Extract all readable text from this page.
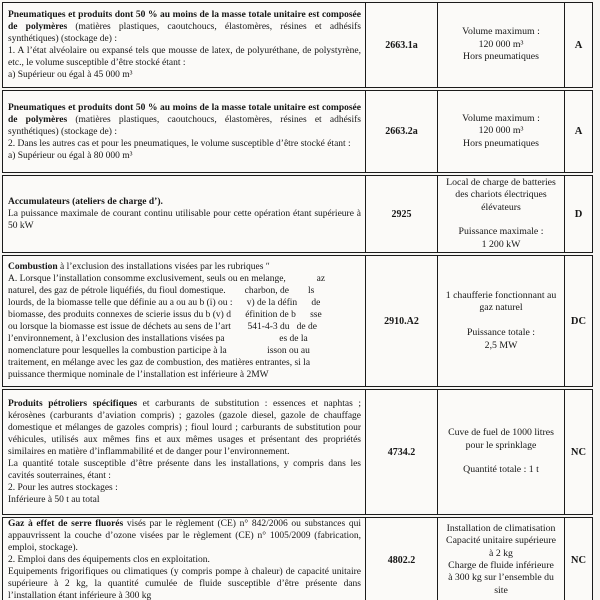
Pneumatiques et produits dont 50 % au moins de la masse totale unitaire est composée de polymères (matières plastiques, caoutchoucs, élastomères, résines et adhésifs synthétiques) (stockage de) :
1. A l’état alvéolaire ou expansé tels que mousse de latex, de polyuréthane, de polystyrène, etc., le volume susceptible d’être stocké étant :
a) Supérieur ou égal à 45 000 m³
2663.1a
Volume maximum :
120 000 m³
Hors pneumatiques
A
Pneumatiques et produits dont 50 % au moins de la masse totale unitaire est composée de polymères (matières plastiques, caoutchoucs, élastomères, résines et adhésifs synthétiques) (stockage de) :
2. Dans les autres cas et pour les pneumatiques, le volume susceptible d’être stocké étant :
a) Supérieur ou égal à 80 000 m³
2663.2a
Volume maximum :
120 000 m³
Hors pneumatiques
A
Accumulateurs (ateliers de charge d’).
La puissance maximale de courant continu utilisable pour cette opération étant supérieure à 50 kW
2925
Local de charge de batteries
des chariots électriques
élévateurs

Puissance maximale :
1 200 kW
D
Combustion à l’exclusion des installations visées par les rubriques ʺ
A. Lorsque l’installation consomme exclusivement, seuls ou en melange,             az
naturel, des gaz de pétrole liquéfiés, du fioul domestique.        charbon, de        ls
lourds, de la biomasse telle que définie au a ou au b (i) ou :      v) de la défin      de
biomasse, des produits connexes de scierie issus du b (v) d      éfinition de b      sse
ou lorsque la biomasse est issue de déchets au sens de l’art       541-4-3 du   de de
l’environnement, à l’exclusion des installations visées pa                       es de la
nomenclature pour lesquelles la combustion participe à la                 isson ou au
traitement, en mélange avec les gaz de combustion, des matières entrantes, si la
puissance thermique nominale de l’installation est inférieure à 2MW
2910.A2
1 chaufferie fonctionnant au
gaz naturel

Puissance totale :
2,5 MW
DC
Produits pétroliers spécifiques et carburants de substitution : essences et naphtas ; kérosènes (carburants d’aviation compris) ; gazoles (gazole diesel, gazole de chauffage domestique et mélanges de gazoles compris) ; fioul lourd ; carburants de substitution pour véhicules, utilisés aux mêmes fins et aux mêmes usages et présentant des propriétés similaires en matière d’inflammabilité et de danger pour l’environnement.
La quantité totale susceptible d’être présente dans les installations, y compris dans les cavités souterraines, étant :
2. Pour les autres stockages :
Inférieure à 50 t au total
4734.2
Cuve de fuel de 1000 litres
pour le sprinklage

Quantité totale : 1 t
NC
Gaz à effet de serre fluorés visés par le règlement (CE) n° 842/2006 ou substances qui appauvrissent la couche d’ozone visées par le règlement (CE) n° 1005/2009 (fabrication, emploi, stockage).
2. Emploi dans des équipements clos en exploitation.
Equipements frigorifiques ou climatiques (y compris pompe à chaleur) de capacité unitaire supérieure à 2 kg, la quantité cumulée de fluide susceptible d’être présente dans l’installation étant inférieure à 300 kg
4802.2
Installation de climatisation
Capacité unitaire supérieure
à 2 kg
Charge de fluide inférieure
à 300 kg sur l’ensemble du
site
NC
